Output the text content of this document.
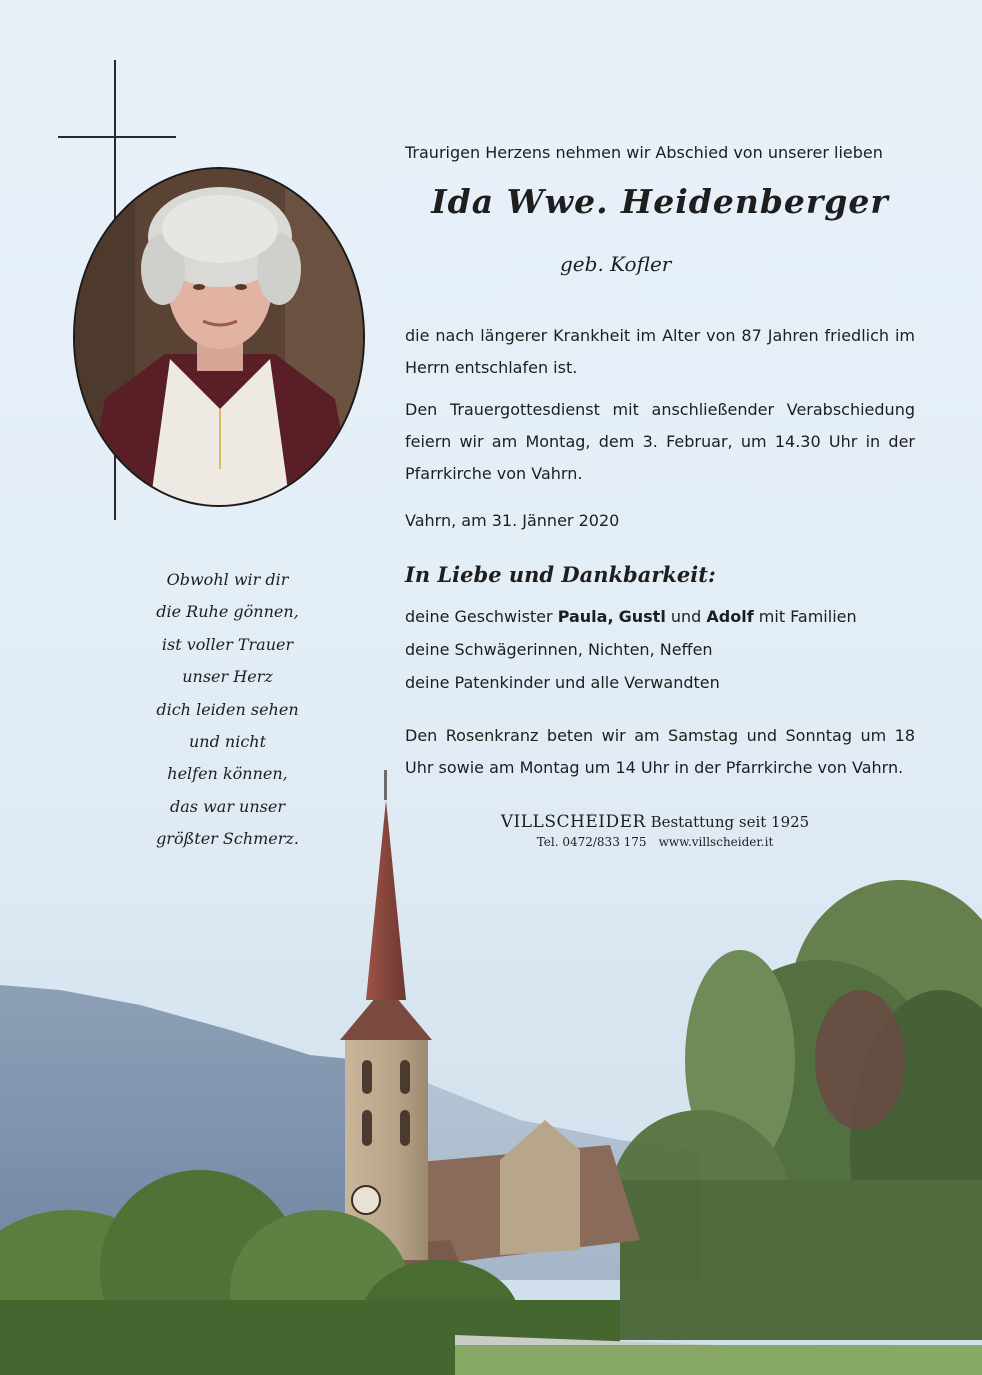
Traurigen Herzens nehmen wir Abschied von unserer lieben
Ida Wwe. Heidenberger
geb. Kofler
die nach längerer Krankheit im Alter von 87 Jahren friedlich im Herrn entschlafen ist.
Den Trauergottesdienst mit anschließender Verabschiedung feiern wir am Montag, dem 3. Februar, um 14.30 Uhr in der Pfarrkirche von Vahrn.
Vahrn, am 31. Jänner 2020
In Liebe und Dankbarkeit:
deine Geschwister Paula, Gustl und Adolf mit Familien
deine Schwägerinnen, Nichten, Neffen
deine Patenkinder und alle Verwandten
Den Rosenkranz beten wir am Samstag und Sonntag um 18 Uhr sowie am Montag um 14 Uhr in der Pfarrkirche von Vahrn.
Obwohl wir dir
die Ruhe gönnen,
ist voller Trauer
unser Herz
dich leiden sehen
und nicht
helfen können,
das war unser
größter Schmerz.
VILLSCHEIDER Bestattung seit 1925
Tel. 0472/833 175 www.villscheider.it
